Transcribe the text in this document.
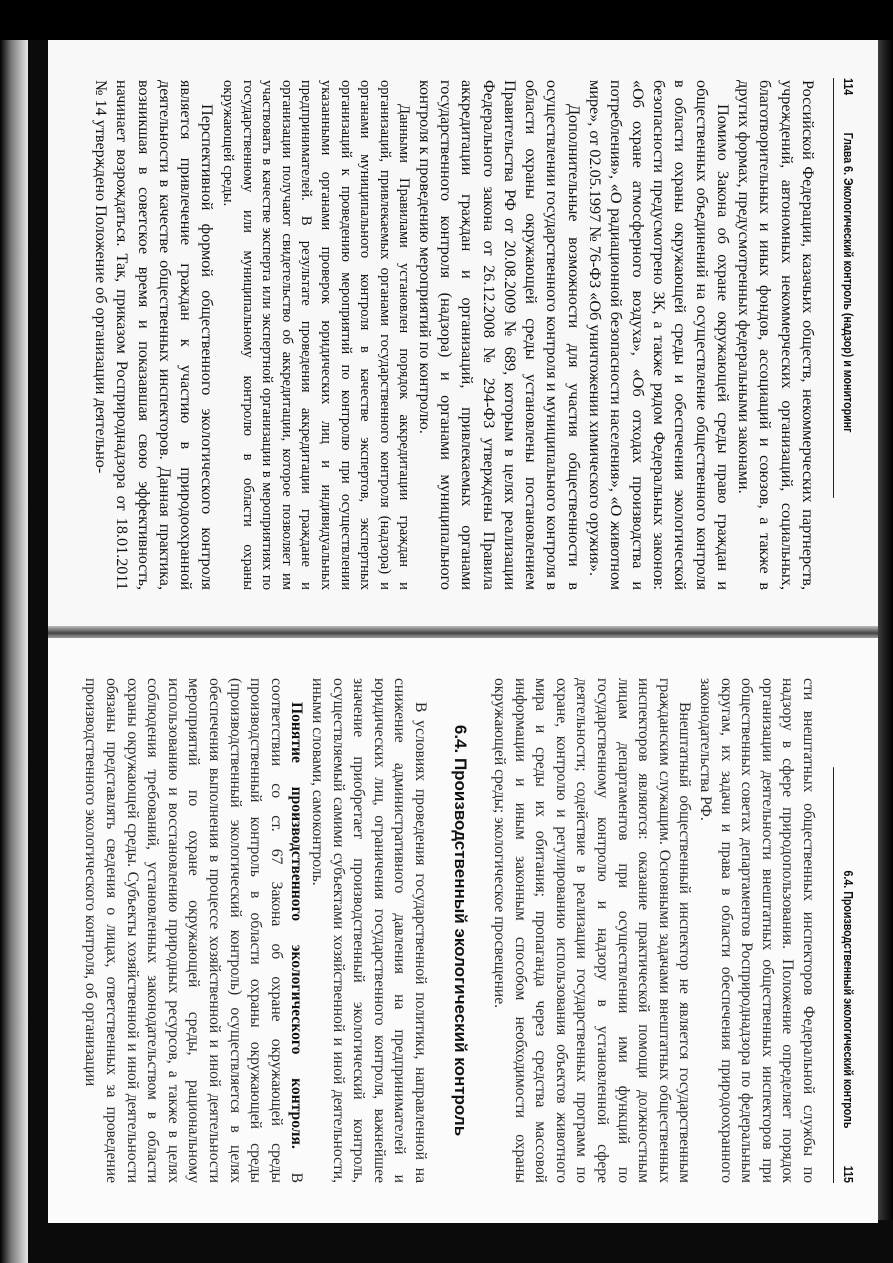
114 Глава 6. Экологический контроль (надзор) и мониторинг

Российской Федерации, казачьих обществ, некоммерческих партнерств, учреждений, автономных некоммерческих организаций, социальных, благотворительных и иных фондов, ассоциаций и союзов, а также в других формах, предусмотренных федеральными законами.

Помимо Закона об охране окружающей среды право граждан и общественных объединений на осуществление общественного контроля в области охраны окружающей среды и обеспечения экологической безопасности предусмотрено ЗК, а также рядом Федеральных законов: «Об охране атмосферного воздуха», «Об отходах производства и потребления», «О радиационной безопасности населения», «О животном мире», от 02.05.1997 № 76-ФЗ «Об уничтожении химического оружия».

Дополнительные возможности для участия общественности в осуществлении государственного контроля и муниципального контроля в области охраны окружающей среды установлены постановлением Правительства РФ от 20.08.2009 № 689, которым в целях реализации Федерального закона от 26.12.2008 № 294-ФЗ утверждены Правила аккредитации граждан и организаций, привлекаемых органами государственного контроля (надзора) и органами муниципального контроля к проведению мероприятий по контролю.

Данными Правилами установлен порядок аккредитации граждан и организаций, привлекаемых органами государственного контроля (надзора) и органами муниципального контроля в качестве экспертов, экспертных организаций к проведению мероприятий по контролю при осуществлении указанными органами проверок юридических лиц и индивидуальных предпринимателей. В результате проведения аккредитации граждане и организации получают свидетельство об аккредитации, которое позволяет им участвовать в качестве эксперта или экспертной организации в мероприятиях по государственному или муниципальному контролю в области охраны окружающей среды.

Перспективной формой общественного экологического контроля является привлечение граждан к участию в природоохранной деятельности в качестве общественных инспекторов. Данная практика, возникшая в советское время и показавшая свою эффективность, начинает возрождаться. Так, приказом Росприроднадзора от 18.01.2011 № 14 утверждено Положение об организации деятельно-

6.4. Производственный экологический контроль 115

сти внештатных общественных инспекторов Федеральной службы по надзору в сфере природопользования. Положение определяет порядок организации деятельности внештатных общественных инспекторов при общественных советах департаментов Росприроднадзора по федеральным округам, их задачи и права в области обеспечения природоохранного законодательства РФ.

Внештатный общественный инспектор не является государственным гражданским служащим. Основными задачами внештатных общественных инспекторов являются: оказание практической помощи должностным лицам департаментов при осуществлении ими функций по государственному контролю и надзору в установленной сфере деятельности; содействие в реализации государственных программ по охране, контролю и регулированию использования объектов животного мира и среды их обитания; пропаганда через средства массовой информации и иным законным способом необходимости охраны окружающей среды; экологическое просвещение.

6.4. Производственный экологический контроль

В условиях проведения государственной политики, направленной на снижение административного давления на предпринимателей и юридических лиц, ограничения государственного контроля, важнейшее значение приобретает производственный экологический контроль, осуществляемый самими субъектами хозяйственной и иной деятельности, иными словами, самоконтроль.

Понятие производственного экологического контроля. В соответствии со ст. 67 Закона об охране окружающей среды производственный контроль в области охраны окружающей среды (производственный экологический контроль) осуществляется в целях обеспечения выполнения в процессе хозяйственной и иной деятельности мероприятий по охране окружающей среды, рациональному использованию и восстановлению природных ресурсов, а также в целях соблюдения требований, установленных законодательством в области охраны окружающей среды. Субъекты хозяйственной и иной деятельности обязаны представлять сведения о лицах, ответственных за проведение производственного экологического контроля, об организации
